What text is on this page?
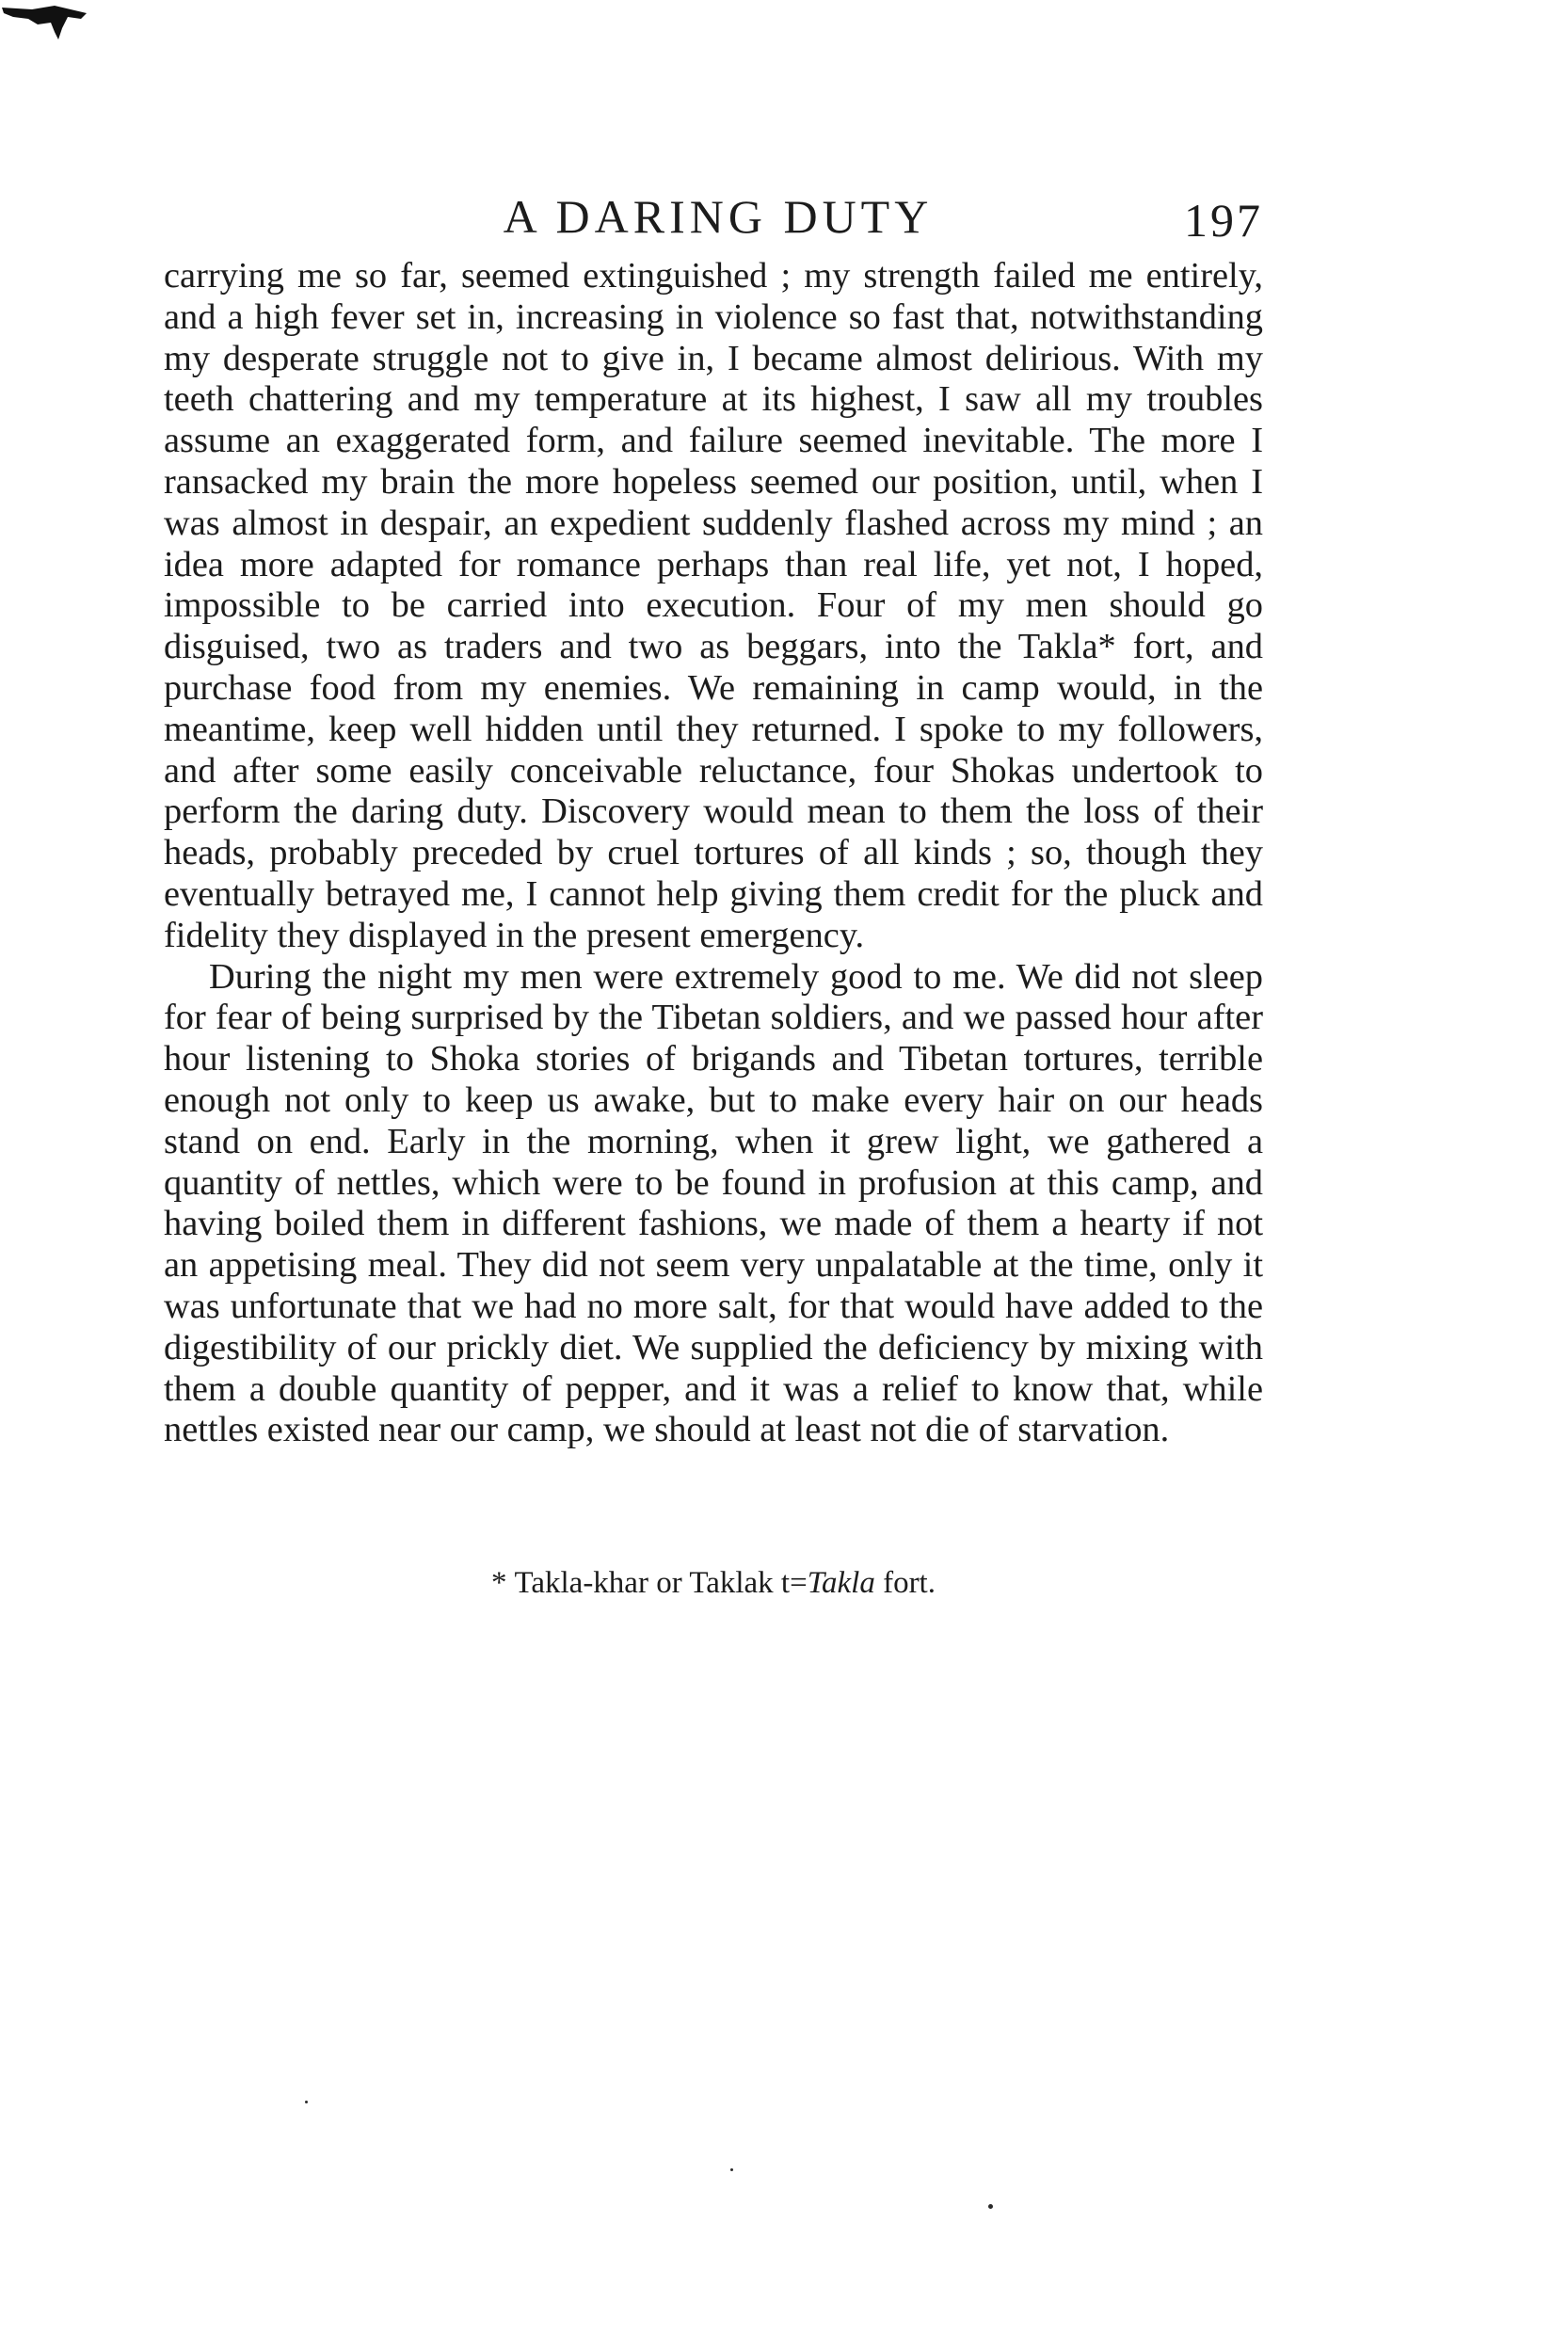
A DARING DUTY	197

carrying me so far, seemed extinguished ; my strength failed me entirely, and a high fever set in, increasing in violence so fast that, notwithstanding my desperate struggle not to give in, I became almost delirious. With my teeth chattering and my temperature at its highest, I saw all my troubles assume an exaggerated form, and failure seemed inevitable. The more I ransacked my brain the more hopeless seemed our position, until, when I was almost in despair, an expedient suddenly flashed across my mind ; an idea more adapted for romance perhaps than real life, yet not, I hoped, impossible to be carried into execution. Four of my men should go disguised, two as traders and two as beggars, into the Takla* fort, and purchase food from my enemies. We remaining in camp would, in the meantime, keep well hidden until they returned. I spoke to my followers, and after some easily conceivable reluctance, four Shokas undertook to perform the daring duty. Discovery would mean to them the loss of their heads, probably preceded by cruel tortures of all kinds ; so, though they eventually betrayed me, I cannot help giving them credit for the pluck and fidelity they displayed in the present emergency.

During the night my men were extremely good to me. We did not sleep for fear of being surprised by the Tibetan soldiers, and we passed hour after hour listening to Shoka stories of brigands and Tibetan tortures, terrible enough not only to keep us awake, but to make every hair on our heads stand on end. Early in the morning, when it grew light, we gathered a quantity of nettles, which were to be found in profusion at this camp, and having boiled them in different fashions, we made of them a hearty if not an appetising meal. They did not seem very unpalatable at the time, only it was unfortunate that we had no more salt, for that would have added to the digestibility of our prickly diet. We supplied the deficiency by mixing with them a double quantity of pepper, and it was a relief to know that, while nettles existed near our camp, we should at least not die of starvation.

* Takla-khar or Taklak t=Takla fort.
